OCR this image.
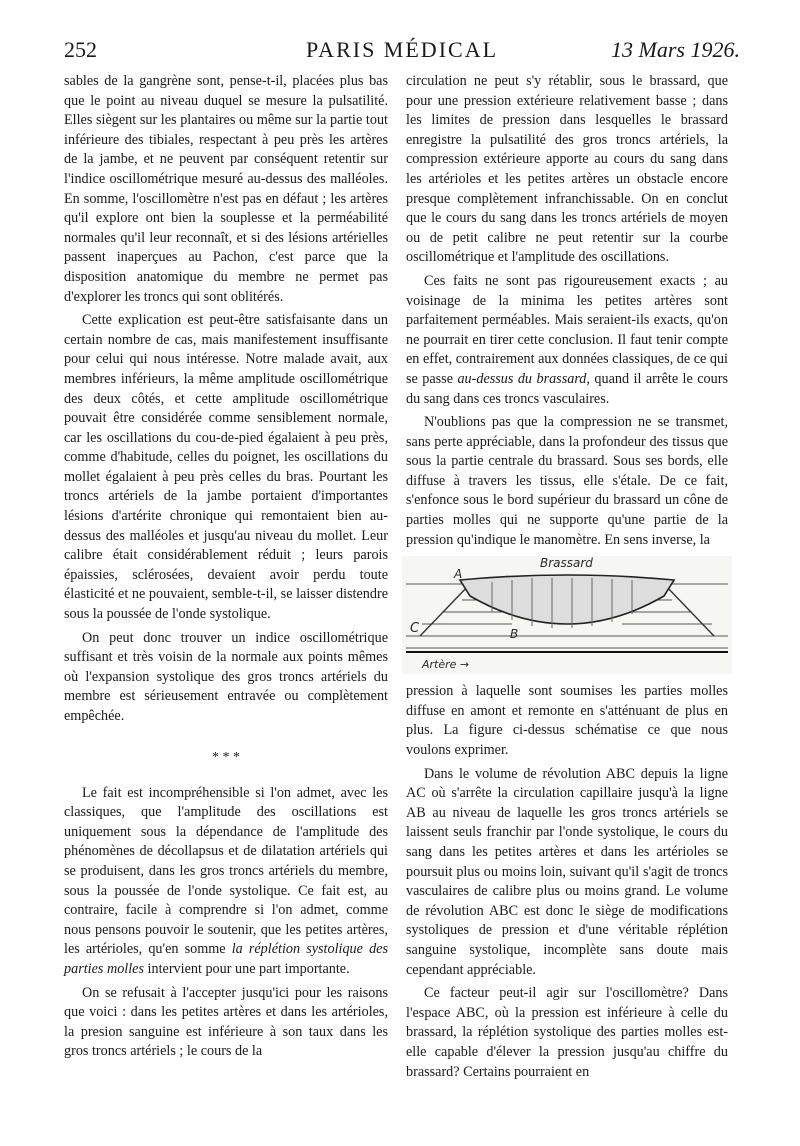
PARIS MÉDICAL
252	13 Mars 1926.

sables de la gangrène sont, pense-t-il, placées plus bas que le point au niveau duquel se mesure la pulsatilité. Elles siègent sur les plantaires ou même sur la partie tout inférieure des tibiales, respectant à peu près les artères de la jambe, et ne peuvent par conséquent retentir sur l'indice oscillométrique mesuré au-dessus des malléoles. En somme, l'oscillomètre n'est pas en défaut ; les artères qu'il explore ont bien la souplesse et la perméabilité normales qu'il leur reconnaît, et si des lésions artérielles passent inaperçues au Pachon, c'est parce que la disposition anatomique du membre ne permet pas d'explorer les troncs qui sont oblitérés.

Cette explication est peut-être satisfaisante dans un certain nombre de cas, mais manifestement insuffisante pour celui qui nous intéresse. Notre malade avait, aux membres inférieurs, la même amplitude oscillométrique des deux côtés, et cette amplitude oscillométrique pouvait être considérée comme sensiblement normale, car les oscillations du cou-de-pied égalaient à peu près, comme d'habitude, celles du poignet, les oscillations du mollet égalaient à peu près celles du bras. Pourtant les troncs artériels de la jambe portaient d'importantes lésions d'artérite chronique qui remontaient bien au-dessus des malléoles et jusqu'au niveau du mollet. Leur calibre était considérablement réduit ; leurs parois épaissies, sclérosées, devaient avoir perdu toute élasticité et ne pouvaient, semble-t-il, se laisser distendre sous la poussée de l'onde systolique.

On peut donc trouver un indice oscillométrique suffisant et très voisin de la normale aux points mêmes où l'expansion systolique des gros troncs artériels du membre est sérieusement entravée ou complètement empêchée.

* * *

Le fait est incompréhensible si l'on admet, avec les classiques, que l'amplitude des oscillations est uniquement sous la dépendance de l'amplitude des phénomènes de décollapsus et de dilatation artériels qui se produisent, dans les gros troncs artériels du membre, sous la poussée de l'onde systolique. Ce fait est, au contraire, facile à comprendre si l'on admet, comme nous pensons pouvoir le soutenir, que les petites artères, les artérioles, qu'en somme la réplétion systolique des parties molles intervient pour une part importante.

On se refusait à l'accepter jusqu'ici pour les raisons que voici : dans les petites artères et dans les artérioles, la presion sanguine est inférieure à son taux dans les gros troncs artériels ; le cours de la

circulation ne peut s'y rétablir, sous le brassard, que pour une pression extérieure relativement basse ; dans les limites de pression dans lesquelles le brassard enregistre la pulsatilité des gros troncs artériels, la compression extérieure apporte au cours du sang dans les artérioles et les petites artères un obstacle encore presque complètement infranchissable. On en conclut que le cours du sang dans les troncs artériels de moyen ou de petit calibre ne peut retentir sur la courbe oscillométrique et l'amplitude des oscillations.

Ces faits ne sont pas rigoureusement exacts ; au voisinage de la minima les petites artères sont parfaitement perméables. Mais seraient-ils exacts, qu'on ne pourrait en tirer cette conclusion. Il faut tenir compte en effet, contrairement aux données classiques, de ce qui se passe au-dessus du brassard, quand il arrête le cours du sang dans ces troncs vasculaires.

N'oublions pas que la compression ne se transmet, sans perte appréciable, dans la profondeur des tissus que sous la partie centrale du brassard. Sous ses bords, elle diffuse à travers les tissus, elle s'étale. De ce fait, s'enfonce sous le bord supérieur du brassard un cône de parties molles qui ne supporte qu'une partie de la pression qu'indique le manomètre. En sens inverse, la

Brassard
A
B
C
Artère →

pression à laquelle sont soumises les parties molles diffuse en amont et remonte en s'atténuant de plus en plus. La figure ci-dessus schématise ce que nous voulons exprimer.

Dans le volume de révolution ABC depuis la ligne AC où s'arrête la circulation capillaire jusqu'à la ligne AB au niveau de laquelle les gros troncs artériels se laissent seuls franchir par l'onde systolique, le cours du sang dans les petites artères et dans les artérioles se poursuit plus ou moins loin, suivant qu'il s'agit de troncs vasculaires de calibre plus ou moins grand. Le volume de révolution ABC est donc le siège de modifications systoliques de pression et d'une véritable réplétion sanguine systolique, incomplète sans doute mais cependant appréciable.

Ce facteur peut-il agir sur l'oscillomètre? Dans l'espace ABC, où la pression est inférieure à celle du brassard, la réplétion systolique des parties molles est-elle capable d'élever la pression jusqu'au chiffre du brassard? Certains pourraient en
